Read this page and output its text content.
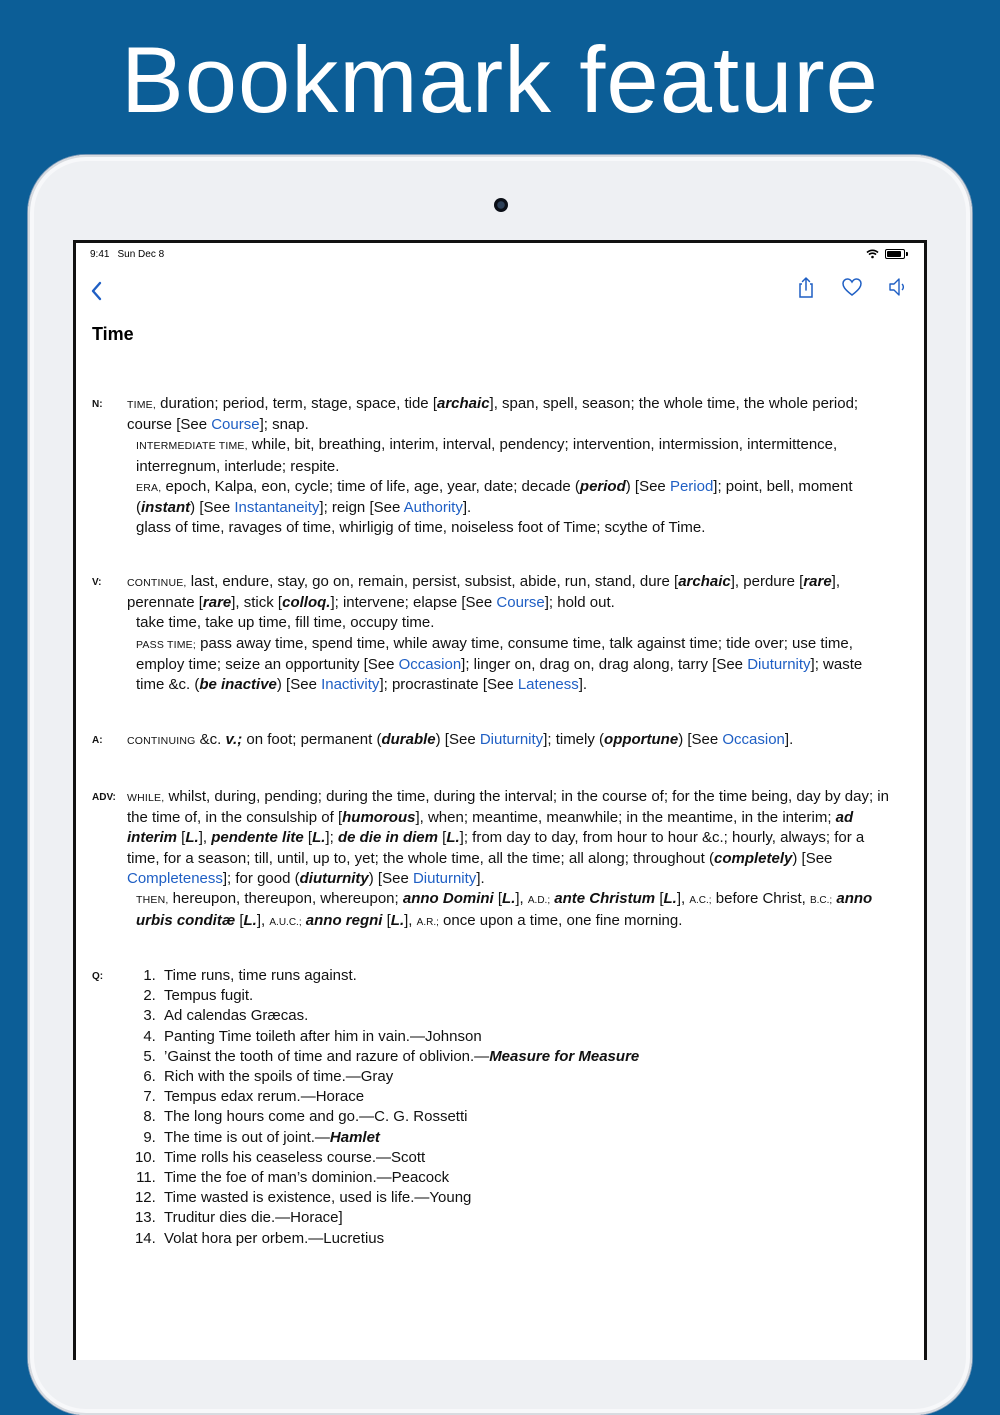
Bookmark feature
9:41 Sun Dec 8
Time
N:	TIME, duration; period, term, stage, space, tide [archaic], span, spell, season; the whole time, the whole period; course [See Course]; snap.
INTERMEDIATE TIME, while, bit, breathing, interim, interval, pendency; intervention, intermission, intermittence, interregnum, interlude; respite.
ERA, epoch, Kalpa, eon, cycle; time of life, age, year, date; decade (period) [See Period]; point, bell, moment (instant) [See Instantaneity]; reign [See Authority].
glass of time, ravages of time, whirligig of time, noiseless foot of Time; scythe of Time.
V:	CONTINUE, last, endure, stay, go on, remain, persist, subsist, abide, run, stand, dure [archaic], perdure [rare], perennate [rare], stick [colloq.]; intervene; elapse [See Course]; hold out.
take time, take up time, fill time, occupy time.
PASS TIME; pass away time, spend time, while away time, consume time, talk against time; tide over; use time, employ time; seize an opportunity [See Occasion]; linger on, drag on, drag along, tarry [See Diuturnity]; waste time &c. (be inactive) [See Inactivity]; procrastinate [See Lateness].
A:	CONTINUING &c. v.; on foot; permanent (durable) [See Diuturnity]; timely (opportune) [See Occasion].
ADV:	WHILE, whilst, during, pending; during the time, during the interval; in the course of; for the time being, day by day; in the time of, in the consulship of [humorous], when; meantime, meanwhile; in the meantime, in the interim; ad interim [L.], pendente lite [L.]; de die in diem [L.]; from day to day, from hour to hour &c.; hourly, always; for a time, for a season; till, until, up to, yet; the whole time, all the time; all along; throughout (completely) [See Completeness]; for good (diuturnity) [See Diuturnity].
THEN, hereupon, thereupon, whereupon; anno Domini [L.], A.D.; ante Christum [L.], A.C.; before Christ, B.C.; anno urbis conditæ [L.], A.U.C.; anno regni [L.], A.R.; once upon a time, one fine morning.
Q:
1.	Time runs, time runs against.
2. Tempus fugit.
3. Ad calendas Græcas.
4. Panting Time toileth after him in vain.—Johnson
5. ’Gainst the tooth of time and razure of oblivion.—Measure for Measure
6. Rich with the spoils of time.—Gray
7. Tempus edax rerum.—Horace
8. The long hours come and go.—C. G. Rossetti
9. The time is out of joint.—Hamlet
10. Time rolls his ceaseless course.—Scott
11. Time the foe of man’s dominion.—Peacock
12. Time wasted is existence, used is life.—Young
13. Truditur dies die.—Horace]
14. Volat hora per orbem.—Lucretius
